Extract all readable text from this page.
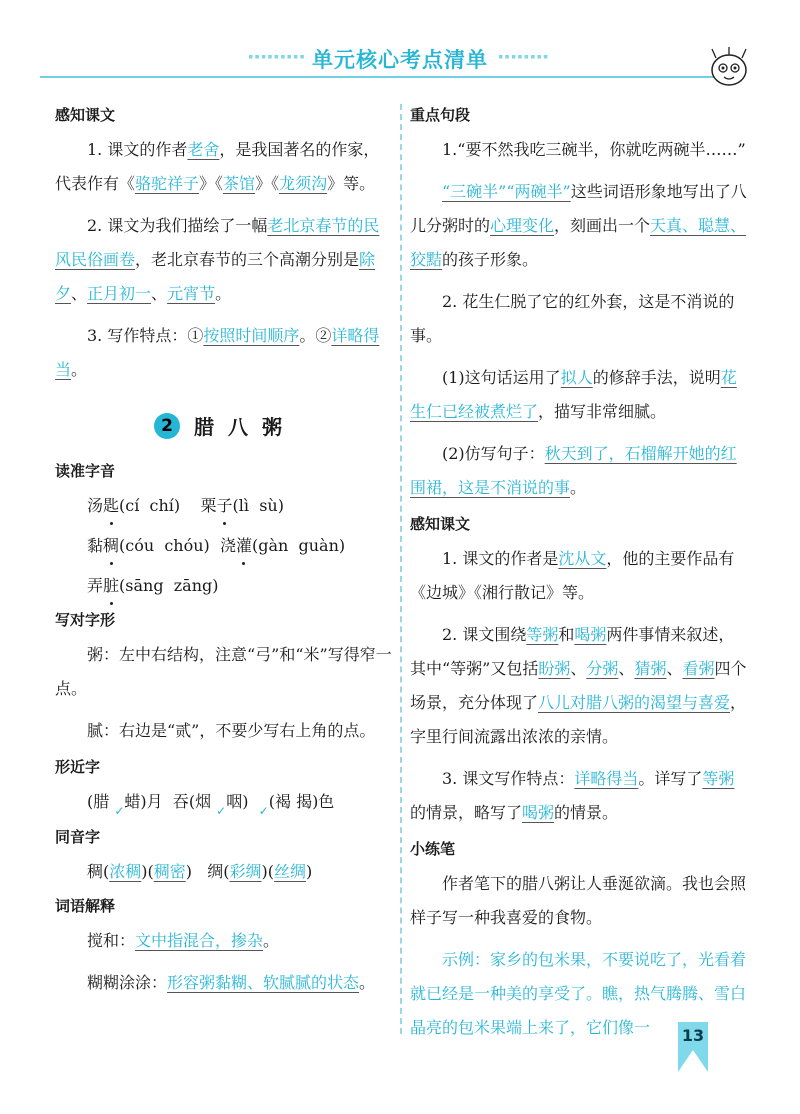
▪▪▪▪▪▪▪▪▪ 单元核心考点清单	▪▪▪▪▪▪▪▪
感知课文

1. 课文的作者老舍，是我国著名的作家，代表作有《骆驼祥子》《茶馆》《龙须沟》等。

2. 课文为我们描绘了一幅老北京春节的民风民俗画卷，老北京春节的三个高潮分别是除夕、正月初一、元宵节。

3. 写作特点：①按照时间顺序。②详略得当。

2 腊八粥
读准字音

汤匙(cí chí) 栗子(lì sù)

黏稠(cóu chóu) 浇灌(gàn guàn)

弄脏(sāng zāng)

写对字形

粥：左中右结构，注意“弓”和“米”写得窄一点。

腻：右边是“贰”，不要少写右上角的点。

形近字

(腊 ✓蜡)月 吞(烟 ✓咽) ✓(褐 揭)色

同音字

稠(浓稠)(稠密) 绸(彩绸)(丝绸)

词语解释

搅和：文中指混合，掺杂。

糊糊涂涂：形容粥黏糊、软腻腻的状态。

重点句段

1.“要不然我吃三碗半，你就吃两碗半……”

“三碗半”“两碗半”这些词语形象地写出了八儿分粥时的心理变化，刻画出一个天真、聪慧、狡黠的孩子形象。

2. 花生仁脱了它的红外套，这是不消说的事。

(1)这句话运用了拟人的修辞手法，说明花生仁已经被煮烂了，描写非常细腻。

(2)仿写句子：秋天到了，石榴解开她的红围裙，这是不消说的事。

感知课文

1. 课文的作者是沈从文，他的主要作品有《边城》《湘行散记》等。

2. 课文围绕等粥和喝粥两件事情来叙述，其中“等粥”又包括盼粥、分粥、猜粥、看粥四个场景，充分体现了八儿对腊八粥的渴望与喜爱，字里行间流露出浓浓的亲情。

3. 课文写作特点：详略得当。详写了等粥的情景，略写了喝粥的情景。

小练笔

作者笔下的腊八粥让人垂涎欲滴。我也会照样子写一种我喜爱的食物。

示例：家乡的包米果，不要说吃了，光看着就已经是一种美的享受了。瞧，热气腾腾、雪白晶亮的包米果端上来了，它们像一	13
